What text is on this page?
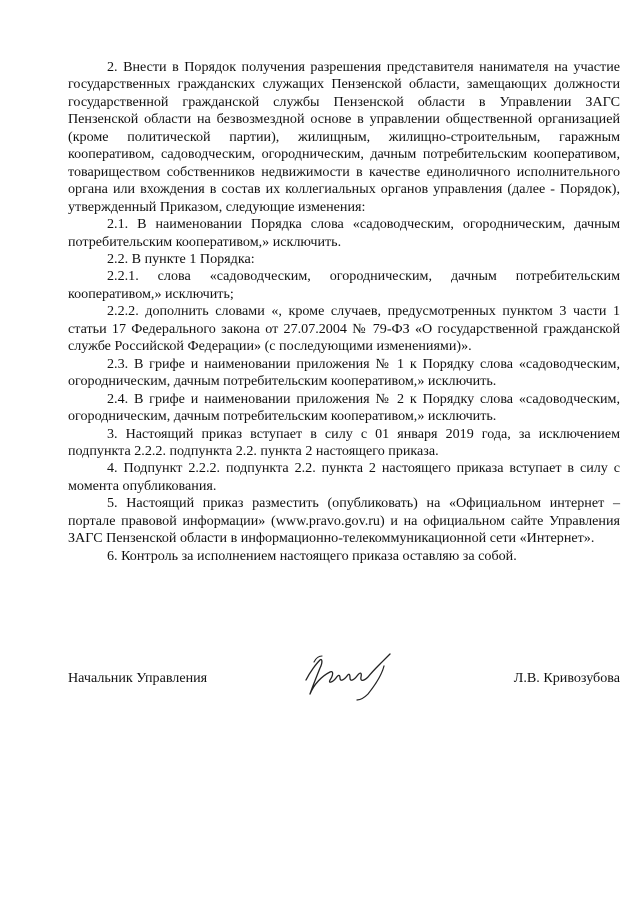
2. Внести в Порядок получения разрешения представителя нанимателя на участие государственных гражданских служащих Пензенской области, замещающих должности государственной гражданской службы Пензенской области в Управлении ЗАГС Пензенской области на безвозмездной основе в управлении общественной организацией (кроме политической партии), жилищным, жилищно-строительным, гаражным кооперативом, садоводческим, огородническим, дачным потребительским кооперативом, товариществом собственников недвижимости в качестве единоличного исполнительного органа или вхождения в состав их коллегиальных органов управления (далее - Порядок), утвержденный Приказом, следующие изменения:

2.1. В наименовании Порядка слова «садоводческим, огородническим, дачным потребительским кооперативом,» исключить.

2.2. В пункте 1 Порядка:

2.2.1. слова «садоводческим, огородническим, дачным потребительским кооперативом,» исключить;

2.2.2. дополнить словами «, кроме случаев, предусмотренных пунктом 3 части 1 статьи 17 Федерального закона от 27.07.2004 № 79-ФЗ «О государственной гражданской службе Российской Федерации» (с последующими изменениями)».

2.3. В грифе и наименовании приложения № 1 к Порядку слова «садоводческим, огородническим, дачным потребительским кооперативом,» исключить.

2.4. В грифе и наименовании приложения № 2 к Порядку слова «садоводческим, огородническим, дачным потребительским кооперативом,» исключить.

3. Настоящий приказ вступает в силу с 01 января 2019 года, за исключением подпункта 2.2.2. подпункта 2.2. пункта 2 настоящего приказа.

4. Подпункт 2.2.2. подпункта 2.2. пункта 2 настоящего приказа вступает в силу с момента опубликования.

5. Настоящий приказ разместить (опубликовать) на «Официальном интернет – портале правовой информации» (www.pravo.gov.ru) и на официальном сайте Управления ЗАГС Пензенской области в информационно-телекоммуникационной сети «Интернет».

6. Контроль за исполнением настоящего приказа оставляю за собой.

Начальник Управления	Л.В. Кривозубова
